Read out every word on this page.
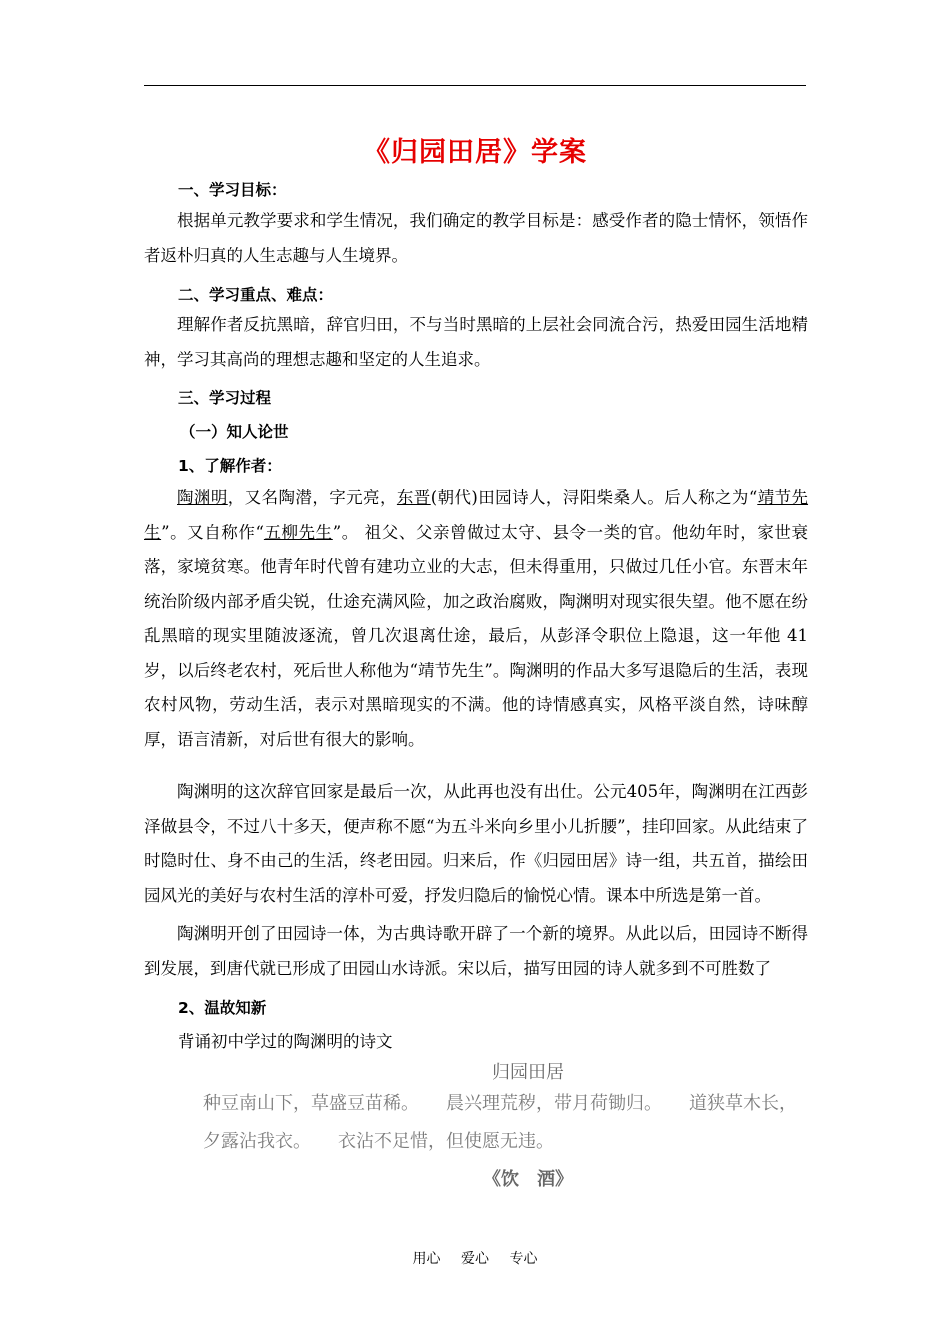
《归园田居》学案
一、学习目标：

根据单元教学要求和学生情况，我们确定的教学目标是：感受作者的隐士情怀，领悟作者返朴归真的人生志趣与人生境界。

二、学习重点、难点：

理解作者反抗黑暗，辞官归田，不与当时黑暗的上层社会同流合污，热爱田园生活地精神，学习其高尚的理想志趣和坚定的人生追求。

三、学习过程
（一）知人论世
1、了解作者：

陶渊明，又名陶潜，字元亮，东晋(朝代)田园诗人，浔阳柴桑人。后人称之为“靖节先生”。又自称作“五柳先生”。 祖父、父亲曾做过太守、县令一类的官。他幼年时，家世衰落，家境贫寒。他青年时代曾有建功立业的大志，但未得重用，只做过几任小官。东晋末年统治阶级内部矛盾尖锐，仕途充满风险，加之政治腐败，陶渊明对现实很失望。他不愿在纷乱黑暗的现实里随波逐流，曾几次退离仕途，最后，从彭泽令职位上隐退，这一年他 41 岁，以后终老农村，死后世人称他为“靖节先生”。陶渊明的作品大多写退隐后的生活，表现农村风物，劳动生活，表示对黑暗现实的不满。他的诗情感真实，风格平淡自然，诗味醇厚，语言清新，对后世有很大的影响。

陶渊明的这次辞官回家是最后一次，从此再也没有出仕。公元405年，陶渊明在江西彭泽做县令，不过八十多天，便声称不愿“为五斗米向乡里小儿折腰”，挂印回家。从此结束了时隐时仕、身不由己的生活，终老田园。归来后，作《归园田居》诗一组，共五首，描绘田园风光的美好与农村生活的淳朴可爱，抒发归隐后的愉悦心情。课本中所选是第一首。

陶渊明开创了田园诗一体，为古典诗歌开辟了一个新的境界。从此以后，田园诗不断得到发展，到唐代就已形成了田园山水诗派。宋以后，描写田园的诗人就多到不可胜数了

2、温故知新
背诵初中学过的陶渊明的诗文
归园田居

种豆南山下，草盛豆苗稀。　　晨兴理荒秽，带月荷锄归。　　道狭草木长，

夕露沾我衣。　　衣沾不足惜，但使愿无违。

《饮　酒》
用心 爱心 专心
